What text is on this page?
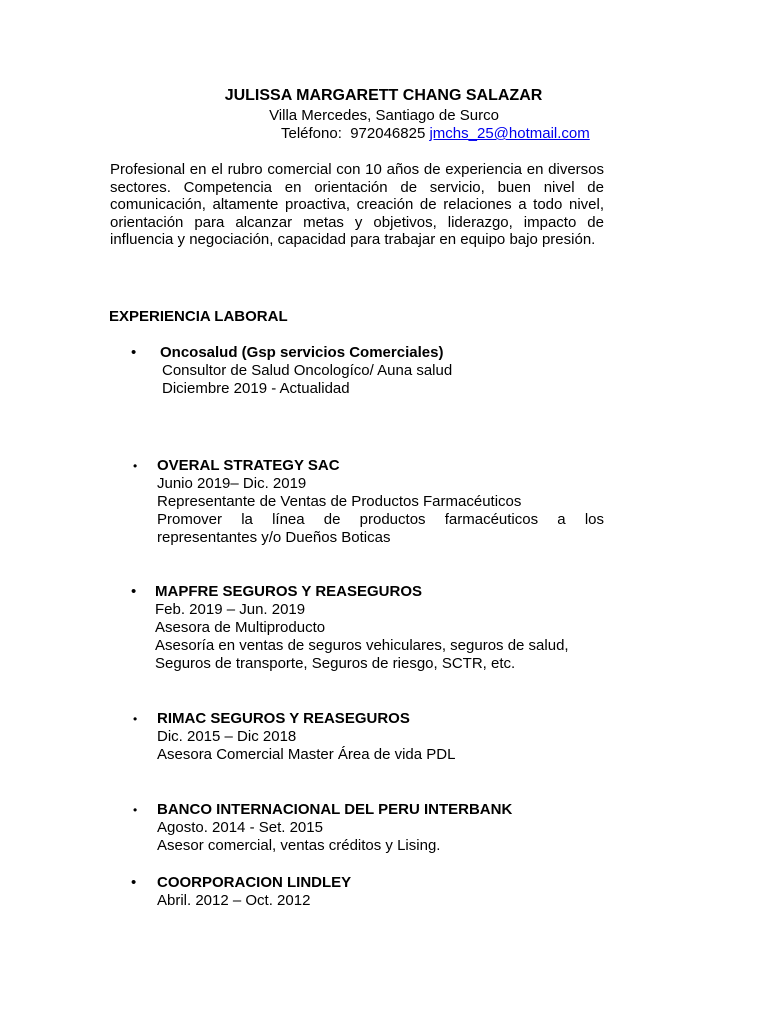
JULISSA MARGARETT CHANG SALAZAR
Villa Mercedes, Santiago de Surco
Teléfono:  972046825 jmchs_25@hotmail.com
Profesional en el rubro comercial con 10 años de experiencia en diversos sectores. Competencia en orientación de servicio, buen nivel de comunicación, altamente proactiva, creación de relaciones a todo nivel, orientación para alcanzar metas y objetivos, liderazgo, impacto de influencia y negociación, capacidad para trabajar en equipo bajo presión.
EXPERIENCIA LABORAL
• Oncosalud (Gsp servicios Comerciales)
Consultor de Salud Oncologíco/ Auna salud
Diciembre 2019 - Actualidad
• OVERAL STRATEGY SAC
Junio 2019– Dic. 2019
Representante de Ventas de Productos Farmacéuticos
Promover la línea de productos farmacéuticos a los
representantes y/o Dueños Boticas
• MAPFRE SEGUROS Y REASEGUROS
Feb. 2019 – Jun. 2019
Asesora de Multiproducto
Asesoría en ventas de seguros vehiculares, seguros de salud,
Seguros de transporte, Seguros de riesgo, SCTR, etc.
• RIMAC SEGUROS Y REASEGUROS
Dic. 2015 – Dic 2018
Asesora Comercial Master Área de vida PDL
• BANCO INTERNACIONAL DEL PERU INTERBANK
Agosto. 2014 - Set. 2015
Asesor comercial, ventas créditos y Lising.
• COORPORACION LINDLEY
Abril. 2012 – Oct. 2012
